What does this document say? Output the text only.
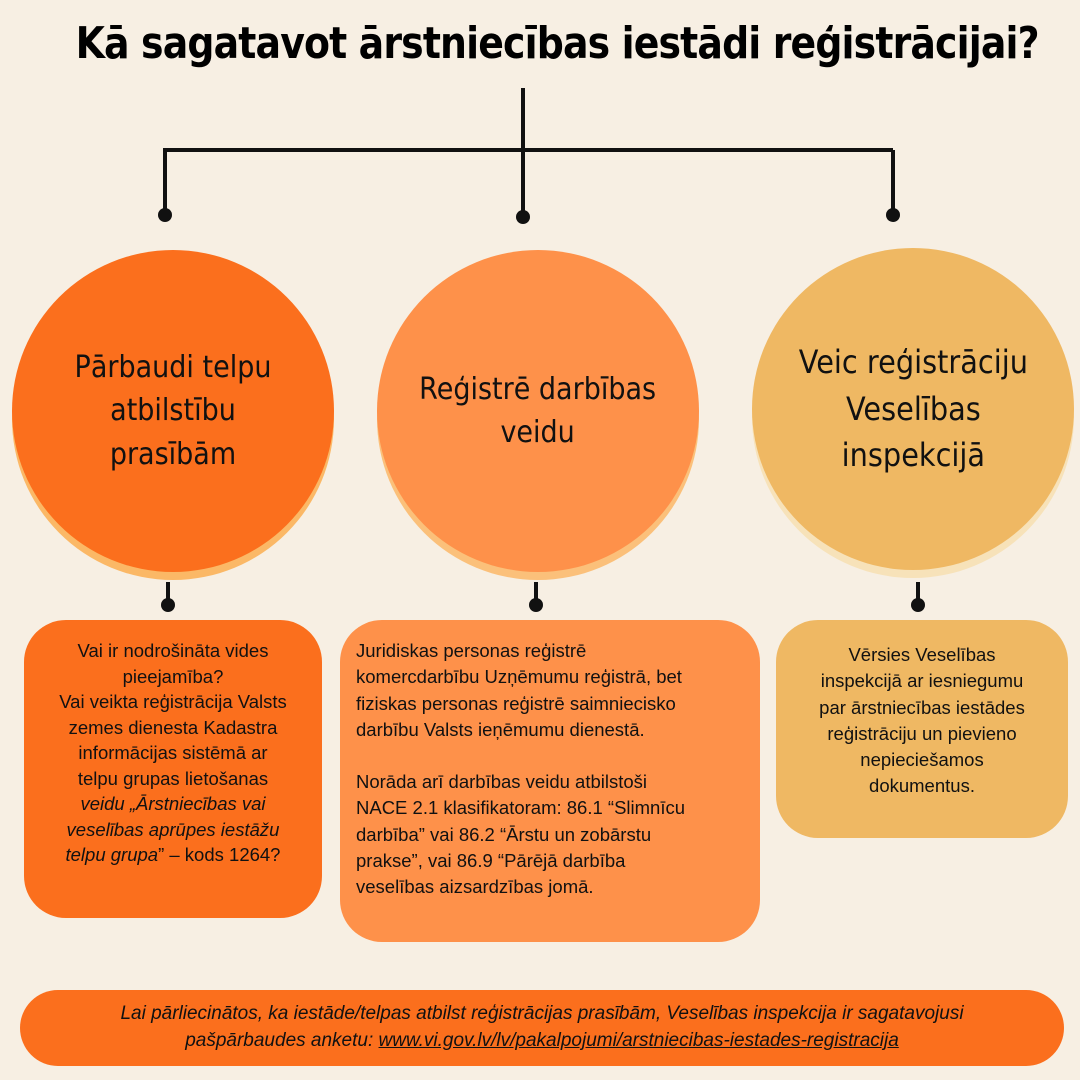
Kā sagatavot ārstniecības iestādi reģistrācijai?
Pārbaudi telpu
atbilstību prasībām
Reģistrē darbības
veidu
Veic reģistrāciju
Veselības
inspekcijā
Vai ir nodrošināta vides
pieejamība?
Vai veikta reģistrācija Valsts
zemes dienesta Kadastra
informācijas sistēmā ar
telpu grupas lietošanas
veidu „Ārstniecības vai
veselības aprūpes iestāžu
telpu grupa” – kods 1264?
Juridiskas personas reģistrē
komercdarbību Uzņēmumu reģistrā, bet
fiziskas personas reģistrē saimniecisko
darbību Valsts ieņēmumu dienestā.
Norāda arī darbības veidu atbilstoši
NACE 2.1 klasifikatoram: 86.1 “Slimnīcu
darbība” vai 86.2 “Ārstu un zobārstu
prakse”, vai 86.9 “Pārējā darbība
veselības aizsardzības jomā.
Vērsies Veselības
inspekcijā ar iesniegumu
par ārstniecības iestādes
reģistrāciju un pievieno
nepieciešamos
dokumentus.
Lai pārliecinātos, ka iestāde/telpas atbilst reģistrācijas prasībām, Veselības inspekcija ir sagatavojusi
pašpārbaudes anketu: www.vi.gov.lv/lv/pakalpojumi/arstniecibas-iestades-registracija
